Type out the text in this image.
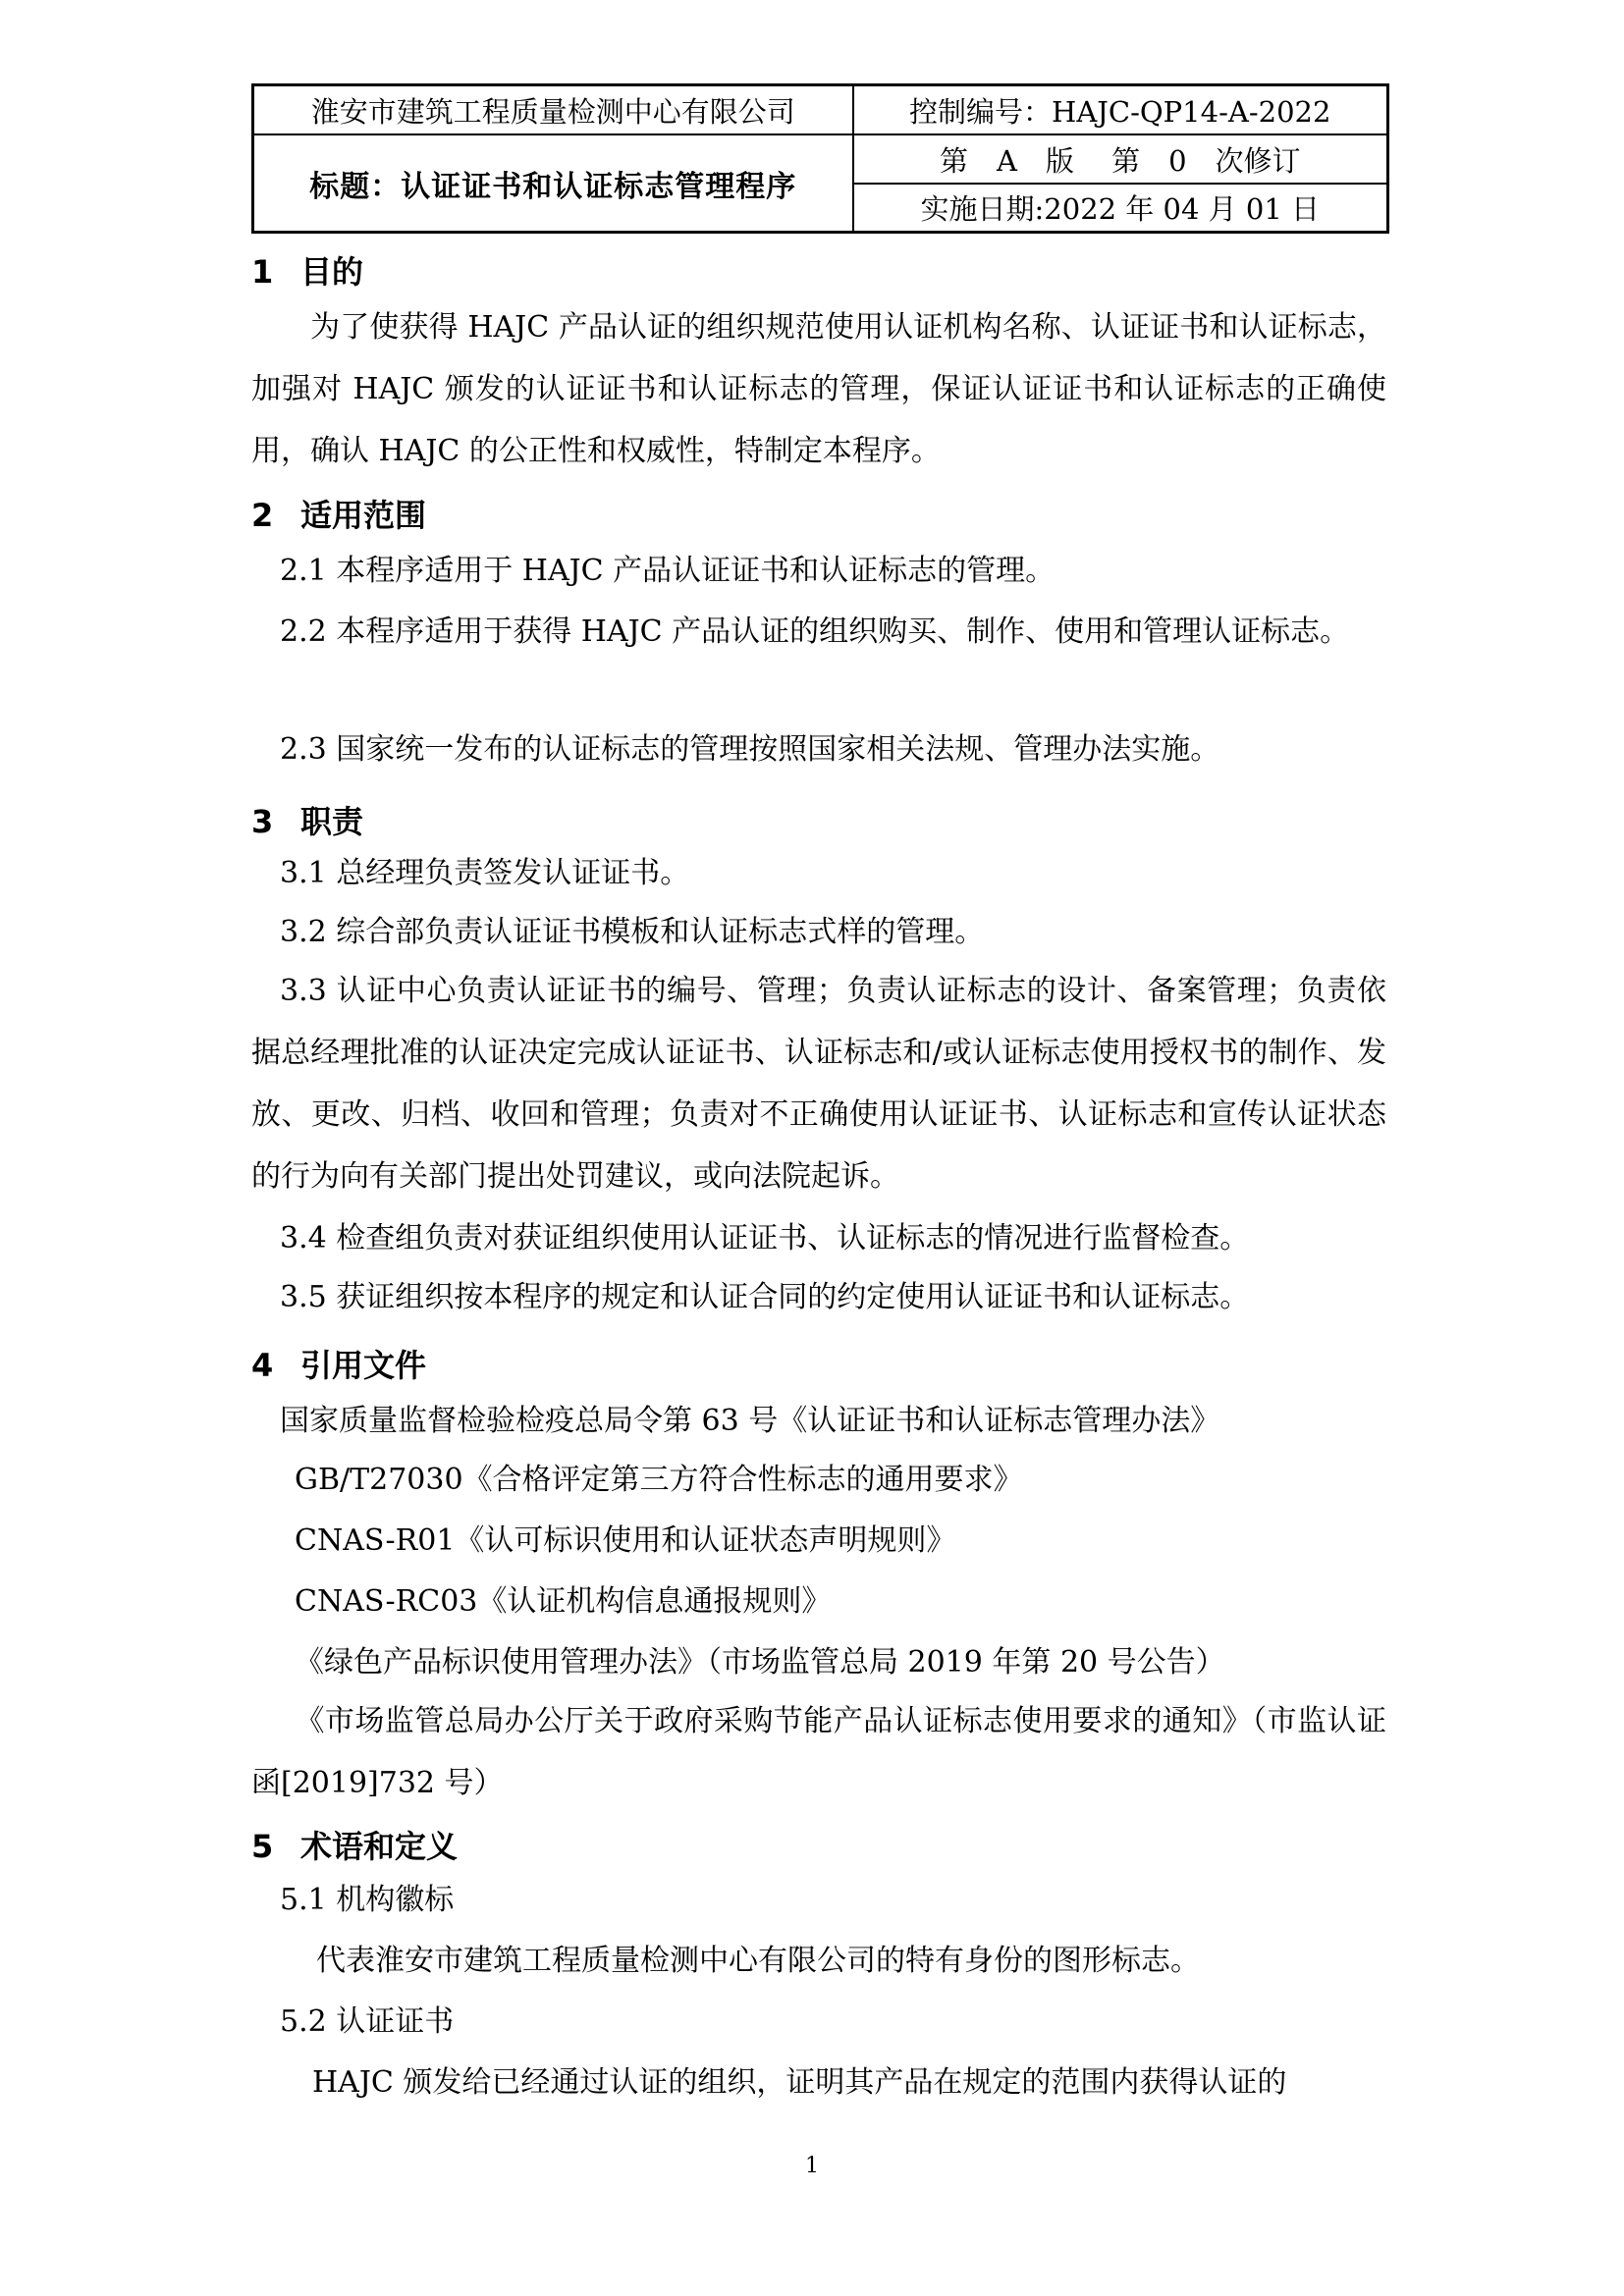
淮安市建筑工程质量检测中心有限公司	控制编号：HAJC-QP14-A-2022
标题：认证证书和认证标志管理程序	第　A　版　 第　0　次修订
	实施日期:2022 年 04 月 01 日
1 目的
为了使获得 HAJC 产品认证的组织规范使用认证机构名称、认证证书和认证标志，加强对 HAJC 颁发的认证证书和认证标志的管理，保证认证证书和认证标志的正确使用，确认 HAJC 的公正性和权威性，特制定本程序。
2 适用范围
2.1 本程序适用于 HAJC 产品认证证书和认证标志的管理。
2.2 本程序适用于获得 HAJC 产品认证的组织购买、制作、使用和管理认证标志。
2.3 国家统一发布的认证标志的管理按照国家相关法规、管理办法实施。
3 职责
3.1 总经理负责签发认证证书。
3.2 综合部负责认证证书模板和认证标志式样的管理。
3.3 认证中心负责认证证书的编号、管理；负责认证标志的设计、备案管理；负责依据总经理批准的认证决定完成认证证书、认证标志和/或认证标志使用授权书的制作、发放、更改、归档、收回和管理；负责对不正确使用认证证书、认证标志和宣传认证状态的行为向有关部门提出处罚建议，或向法院起诉。
3.4 检查组负责对获证组织使用认证证书、认证标志的情况进行监督检查。
3.5 获证组织按本程序的规定和认证合同的约定使用认证证书和认证标志。
4 引用文件
国家质量监督检验检疫总局令第 63 号《认证证书和认证标志管理办法》
GB/T27030《合格评定第三方符合性标志的通用要求》
CNAS-R01《认可标识使用和认证状态声明规则》
CNAS-RC03《认证机构信息通报规则》
《绿色产品标识使用管理办法》（市场监管总局 2019 年第 20 号公告）
《市场监管总局办公厅关于政府采购节能产品认证标志使用要求的通知》（市监认证函[2019]732 号）
5 术语和定义
5.1 机构徽标
代表淮安市建筑工程质量检测中心有限公司的特有身份的图形标志。
5.2 认证证书
HAJC 颁发给已经通过认证的组织，证明其产品在规定的范围内获得认证的
1
